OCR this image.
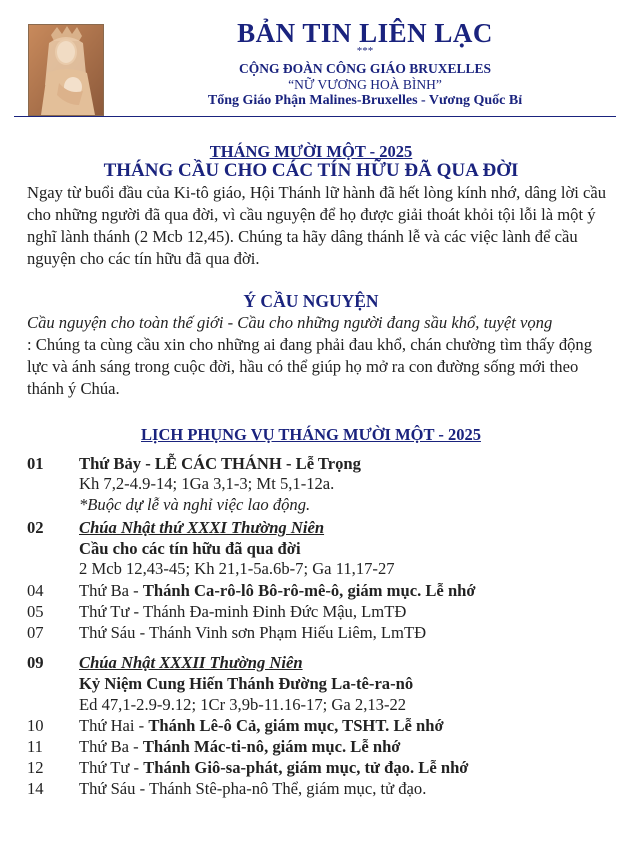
BẢN TIN LIÊN LẠC
***
CỘNG ĐOÀN CÔNG GIÁO BRUXELLES
“NỮ VƯƠNG HOÀ BÌNH”
Tổng Giáo Phận Malines-Bruxelles - Vương Quốc Bỉ
THÁNG MƯỜI MỘT - 2025
THÁNG CẦU CHO CÁC TÍN HỮU ĐÃ QUA ĐỜI
Ngay từ buổi đầu của Ki-tô giáo, Hội Thánh lữ hành đã hết lòng kính nhớ, dâng lời cầu cho những người đã qua đời, vì cầu nguyện để họ được giải thoát khỏi tội lỗi là một ý nghĩ lành thánh (2 Mcb 12,45). Chúng ta hãy dâng thánh lễ và các việc lành để cầu nguyện cho các tín hữu đã qua đời.
Ý CẦU NGUYỆN
Cầu nguyện cho toàn thế giới - Cầu cho những người đang sầu khổ, tuyệt vọng
: Chúng ta cùng cầu xin cho những ai đang phải đau khổ, chán chường tìm thấy động lực và ánh sáng trong cuộc đời, hầu có thể giúp họ mở ra con đường sống mới theo thánh ý Chúa.
LỊCH PHỤNG VỤ THÁNG MƯỜI MỘT - 2025
01 Thứ Bảy - LỄ CÁC THÁNH - Lễ Trọng
Kh 7,2-4.9-14; 1Ga 3,1-3; Mt 5,1-12a.
*Buộc dự lễ và nghỉ việc lao động.
02 Chúa Nhật thứ XXXI Thường Niên
Cầu cho các tín hữu đã qua đời
2 Mcb 12,43-45; Kh 21,1-5a.6b-7; Ga 11,17-27
04 Thứ Ba - Thánh Ca-rô-lô Bô-rô-mê-ô, giám mục. Lễ nhớ
05 Thứ Tư - Thánh Đa-minh Đinh Đức Mậu, LmTĐ
07 Thứ Sáu - Thánh Vinh sơn Phạm Hiếu Liêm, LmTĐ
09 Chúa Nhật XXXII Thường Niên
Kỷ Niệm Cung Hiến Thánh Đường La-tê-ra-nô
Ed 47,1-2.9-9.12; 1Cr 3,9b-11.16-17; Ga 2,13-22
10 Thứ Hai - Thánh Lê-ô Cả, giám mục, TSHT. Lễ nhớ
11 Thứ Ba - Thánh Mác-ti-nô, giám mục. Lễ nhớ
12 Thứ Tư - Thánh Giô-sa-phát, giám mục, tử đạo. Lễ nhớ
14 Thứ Sáu - Thánh Stê-pha-nô Thể, giám mục, tử đạo.
